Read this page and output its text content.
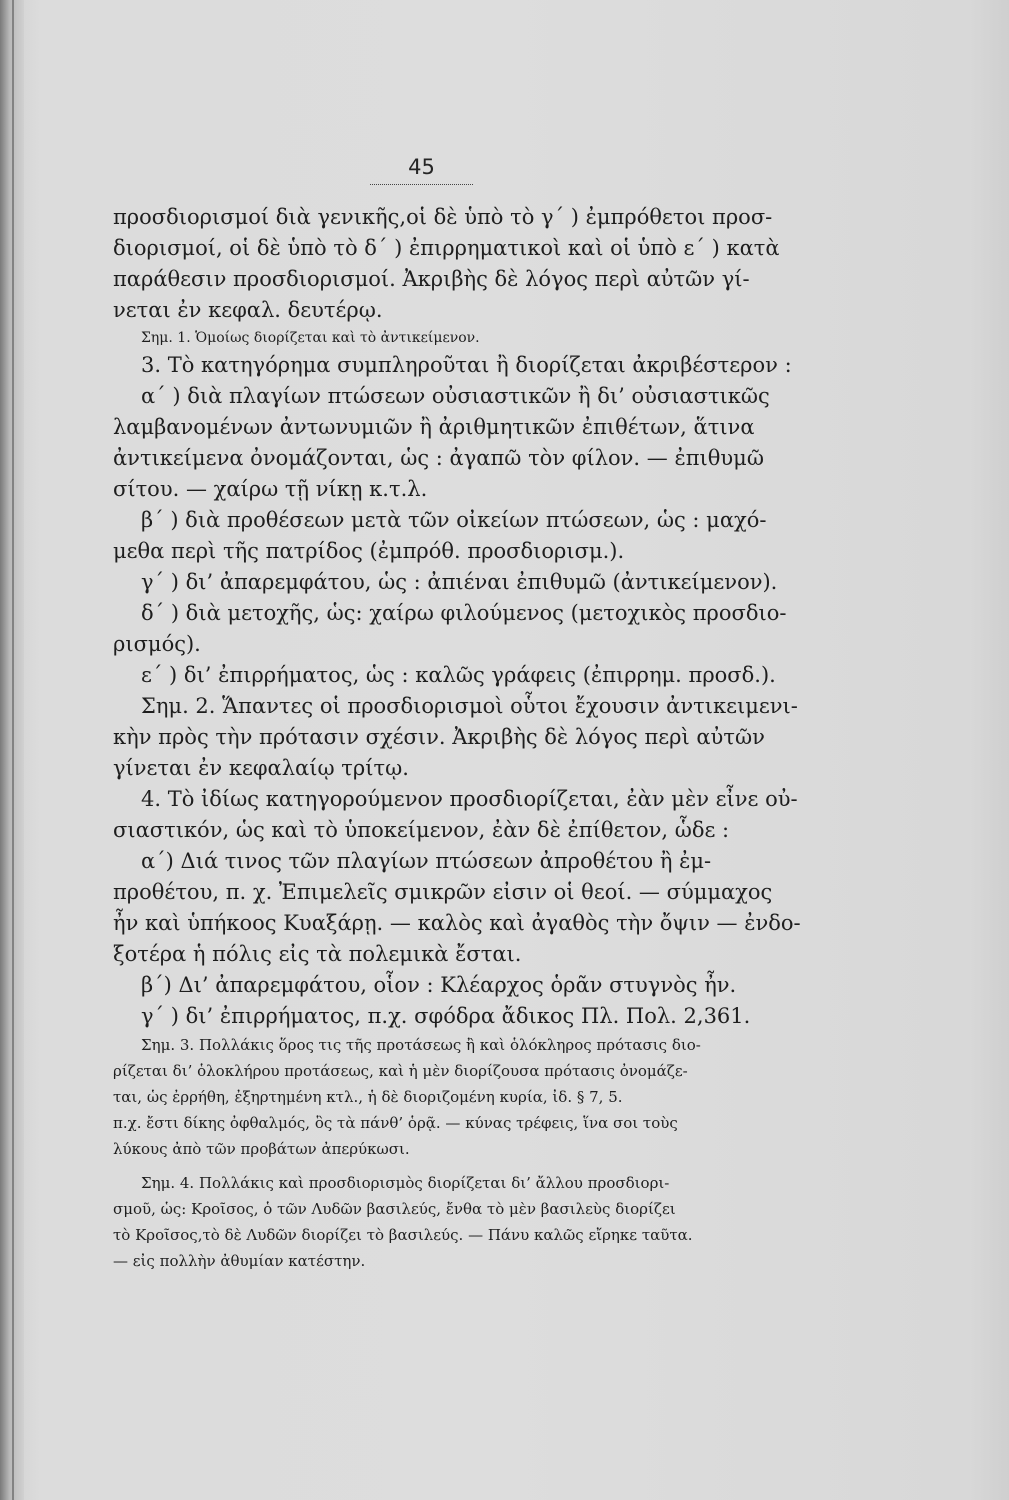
45
προσδιορισμοί διὰ γενικῆς,οἱ δὲ ὑπὸ τὸ γ´ ) ἐμπρόθετοι προσ-
διορισμοί, οἱ δὲ ὑπὸ τὸ δ´ ) ἐπιρρηματικοὶ καὶ οἱ ὑπὸ ε´ ) κατὰ
παράθεσιν προσδιορισμοί. Ἀκριβὴς δὲ λόγος περὶ αὐτῶν γί-
νεται ἐν κεφαλ. δευτέρῳ.
Σημ. 1. Ὁμοίως διορίζεται καὶ τὸ ἀντικείμενον.
3. Τὸ κατηγόρημα συμπληροῦται ἢ διορίζεται ἀκριβέστερον :
α´ ) διὰ πλαγίων πτώσεων οὐσιαστικῶν ἢ δι’ οὐσιαστικῶς
λαμβανομένων ἀντωνυμιῶν ἢ ἀριθμητικῶν ἐπιθέτων, ἅτινα
ἀντικείμενα ὀνομάζονται, ὡς : ἀγαπῶ τὸν φίλον. — ἐπιθυμῶ
σίτου. — χαίρω τῇ νίκῃ κ.τ.λ.
β´ ) διὰ προθέσεων μετὰ τῶν οἰκείων πτώσεων, ὡς : μαχό-
μεθα περὶ τῆς πατρίδος (ἐμπρόθ. προσδιορισμ.).
γ´ ) δι’ ἀπαρεμφάτου, ὡς : ἀπιέναι ἐπιθυμῶ (ἀντικείμενον).
δ´ ) διὰ μετοχῆς, ὡς: χαίρω φιλούμενος (μετοχικὸς προσδιο-
ρισμός).
ε´ ) δι’ ἐπιρρήματος, ὡς : καλῶς γράφεις (ἐπιρρημ. προσδ.).
Σημ. 2. Ἅπαντες οἱ προσδιορισμοὶ οὗτοι ἔχουσιν ἀντικειμενι-
κὴν πρὸς τὴν πρότασιν σχέσιν. Ἀκριβὴς δὲ λόγος περὶ αὐτῶν
γίνεται ἐν κεφαλαίῳ τρίτῳ.
4. Τὸ ἰδίως κατηγορούμενον προσδιορίζεται, ἐὰν μὲν εἶνε οὐ-
σιαστικόν, ὡς καὶ τὸ ὑποκείμενον, ἐὰν δὲ ἐπίθετον, ὧδε :
α´) Διά τινος τῶν πλαγίων πτώσεων ἀπροθέτου ἢ ἐμ-
προθέτου, π. χ. Ἐπιμελεῖς σμικρῶν εἰσιν οἱ θεοί. — σύμμαχος
ἦν καὶ ὑπήκοος Κυαξάρῃ. — καλὸς καὶ ἀγαθὸς τὴν ὄψιν — ἐνδο-
ξοτέρα ἡ πόλις εἰς τὰ πολεμικὰ ἔσται.
β´) Δι’ ἀπαρεμφάτου, οἷον : Κλέαρχος ὁρᾶν στυγνὸς ἦν.
γ´ ) δι’ ἐπιρρήματος, π.χ. σφόδρα ἄδικος Πλ. Πολ. 2,361.
Σημ. 3. Πολλάκις ὅρος τις τῆς προτάσεως ἢ καὶ ὁλόκληρος πρότασις διο-
ρίζεται δι’ ὁλοκλήρου προτάσεως, καὶ ἡ μὲν διορίζουσα πρότασις ὀνομάζε-
ται, ὡς ἐρρήθη, ἐξηρτημένη κτλ., ἡ δὲ διοριζομένη κυρία, ἰδ. § 7, 5.
π.χ. ἔστι δίκης ὀφθαλμός, ὃς τὰ πάνθ’ ὁρᾷ. — κύνας τρέφεις, ἵνα σοι τοὺς
λύκους ἀπὸ τῶν προβάτων ἀπερύκωσι.
Σημ. 4. Πολλάκις καὶ προσδιορισμὸς διορίζεται δι’ ἄλλου προσδιορι-
σμοῦ, ὡς: Κροῖσος, ὁ τῶν Λυδῶν βασιλεύς, ἔνθα τὸ μὲν βασιλεὺς διορίζει
τὸ Κροῖσος,τὸ δὲ Λυδῶν διορίζει τὸ βασιλεύς. — Πάνυ καλῶς εἴρηκε ταῦτα.
— εἰς πολλὴν ἀθυμίαν κατέστην.
